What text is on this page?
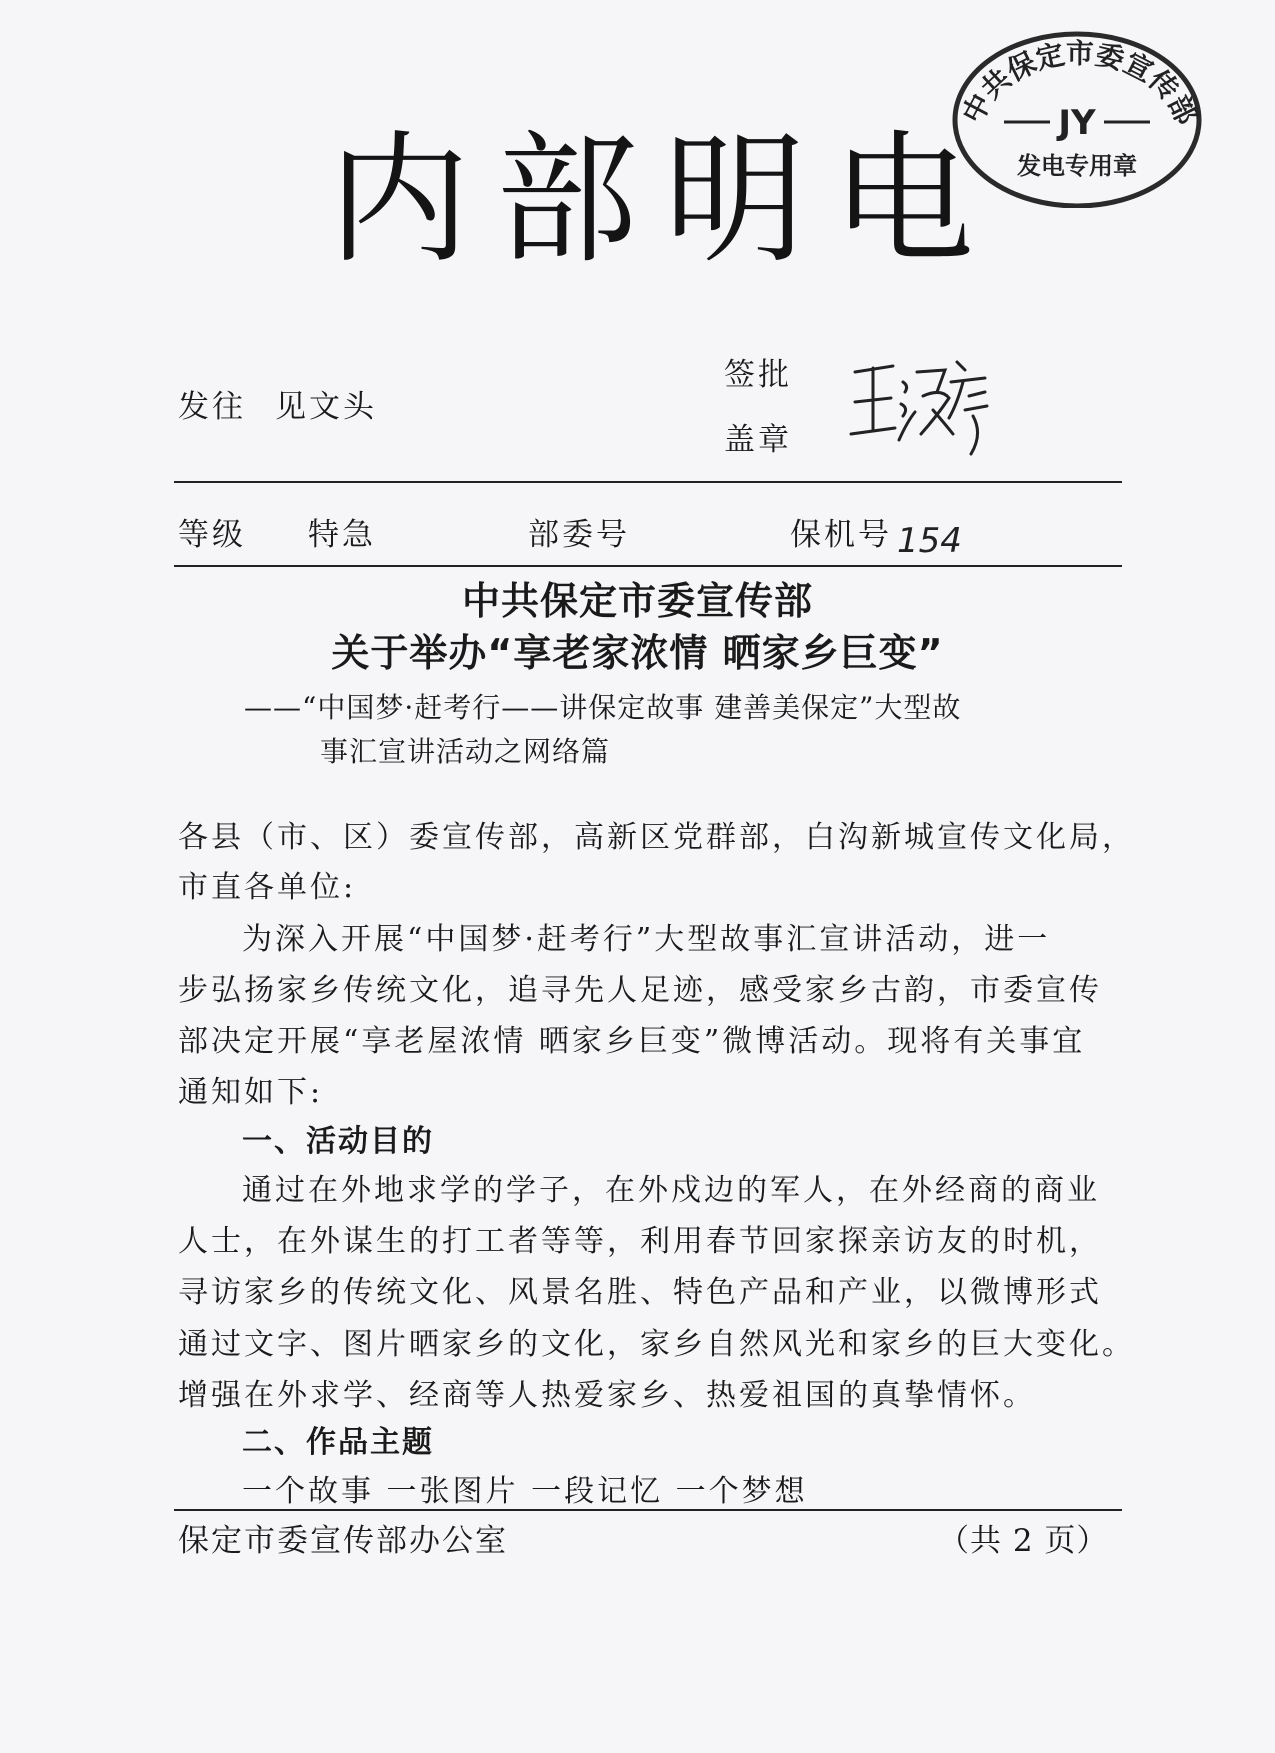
内部明电
中共保定市委宣传部
JY
发电专用章
发往 见文头
签批
盖章
等级 特急	部委号	保机号 154
中共保定市委宣传部
关于举办“享老家浓情 晒家乡巨变”
——“中国梦·赶考行——讲保定故事 建善美保定”大型故
事汇宣讲活动之网络篇
各县（市、区）委宣传部，高新区党群部，白沟新城宣传文化局，
市直各单位:
为深入开展“中国梦·赶考行”大型故事汇宣讲活动，进一
步弘扬家乡传统文化，追寻先人足迹，感受家乡古韵，市委宣传
部决定开展“享老屋浓情 晒家乡巨变”微博活动。现将有关事宜
通知如下:
一、活动目的
通过在外地求学的学子，在外戍边的军人，在外经商的商业
人士，在外谋生的打工者等等，利用春节回家探亲访友的时机，
寻访家乡的传统文化、风景名胜、特色产品和产业，以微博形式
通过文字、图片晒家乡的文化，家乡自然风光和家乡的巨大变化。
增强在外求学、经商等人热爱家乡、热爱祖国的真挚情怀。
二、作品主题
一个故事 一张图片 一段记忆 一个梦想
保定市委宣传部办公室	（共 2 页）
